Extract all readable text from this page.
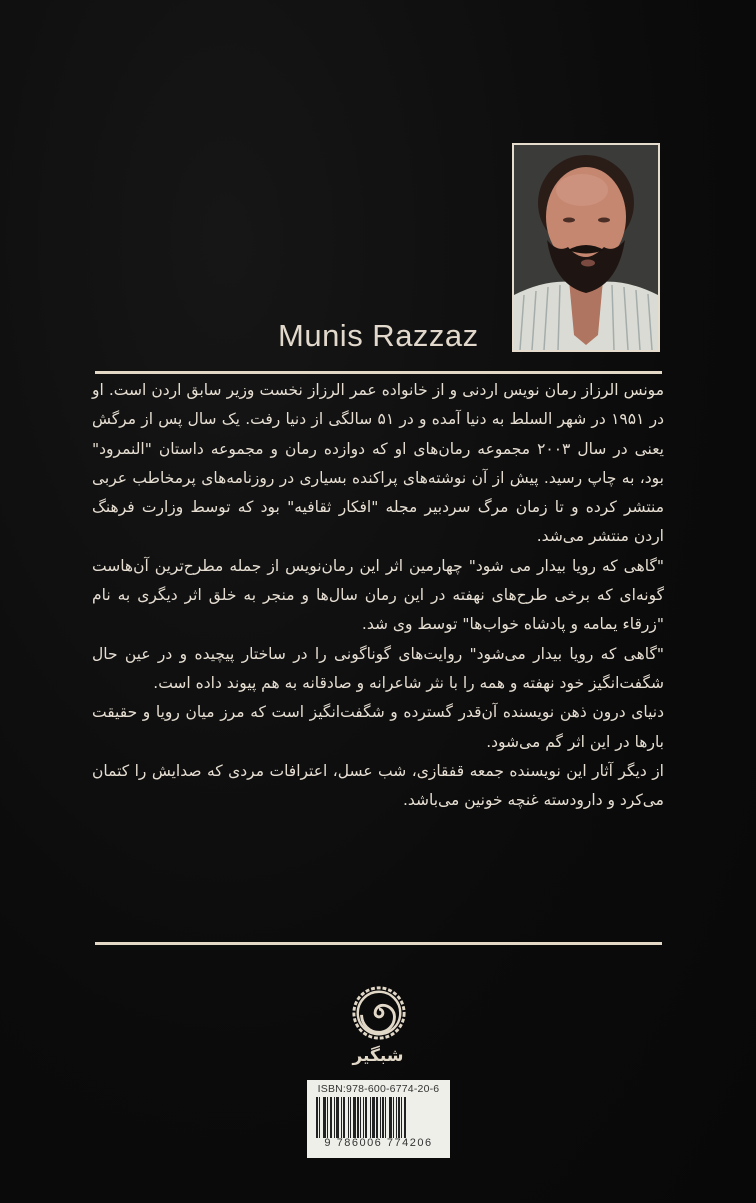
Munis Razzaz

مونس الرزاز رمان نویس اردنی و از خانواده عمر الرزاز نخست وزیر سابق اردن است. او در ۱۹۵۱ در شهر السلط به دنیا آمده و در ۵۱ سالگی از دنیا رفت. یک سال پس از مرگش یعنی در سال ۲۰۰۳ مجموعه رمان‌های او که دوازده رمان و مجموعه داستان "النمرود" بود، به چاپ رسید. پیش از آن نوشته‌های پراکنده بسیاری در روزنامه‌های پرمخاطب عربی منتشر کرده و تا زمان مرگ سردبیر مجله "افکار ثقافیه" بود که توسط وزارت فرهنگ اردن منتشر می‌شد.

"گاهی که رویا بیدار می شود" چهارمین اثر این رمان‌نویس از جمله مطرح‌ترین آن‌هاست گونه‌ای که برخی طرح‌های نهفته در این رمان سال‌ها و منجر به خلق اثر دیگری به نام "زرقاء یمامه و پادشاه خواب‌ها" توسط وی شد.

"گاهی که رویا بیدار می‌شود" روایت‌های گوناگونی را در ساختار پیچیده و در عین حال شگفت‌انگیز خود نهفته و همه را با نثر شاعرانه و صادقانه به هم پیوند داده است.

دنیای درون ذهن نویسنده آن‌قدر گسترده و شگفت‌انگیز است که مرز میان رویا و حقیقت بارها در این اثر گم می‌شود.

از دیگر آثار این نویسنده جمعه قفقازی، شب عسل، اعترافات مردی که صدایش را کتمان می‌کرد و دارودسته غنچه خونین می‌باشد.

شبگیر
ISBN:978-600-6774-20-6
9 786006 774206
